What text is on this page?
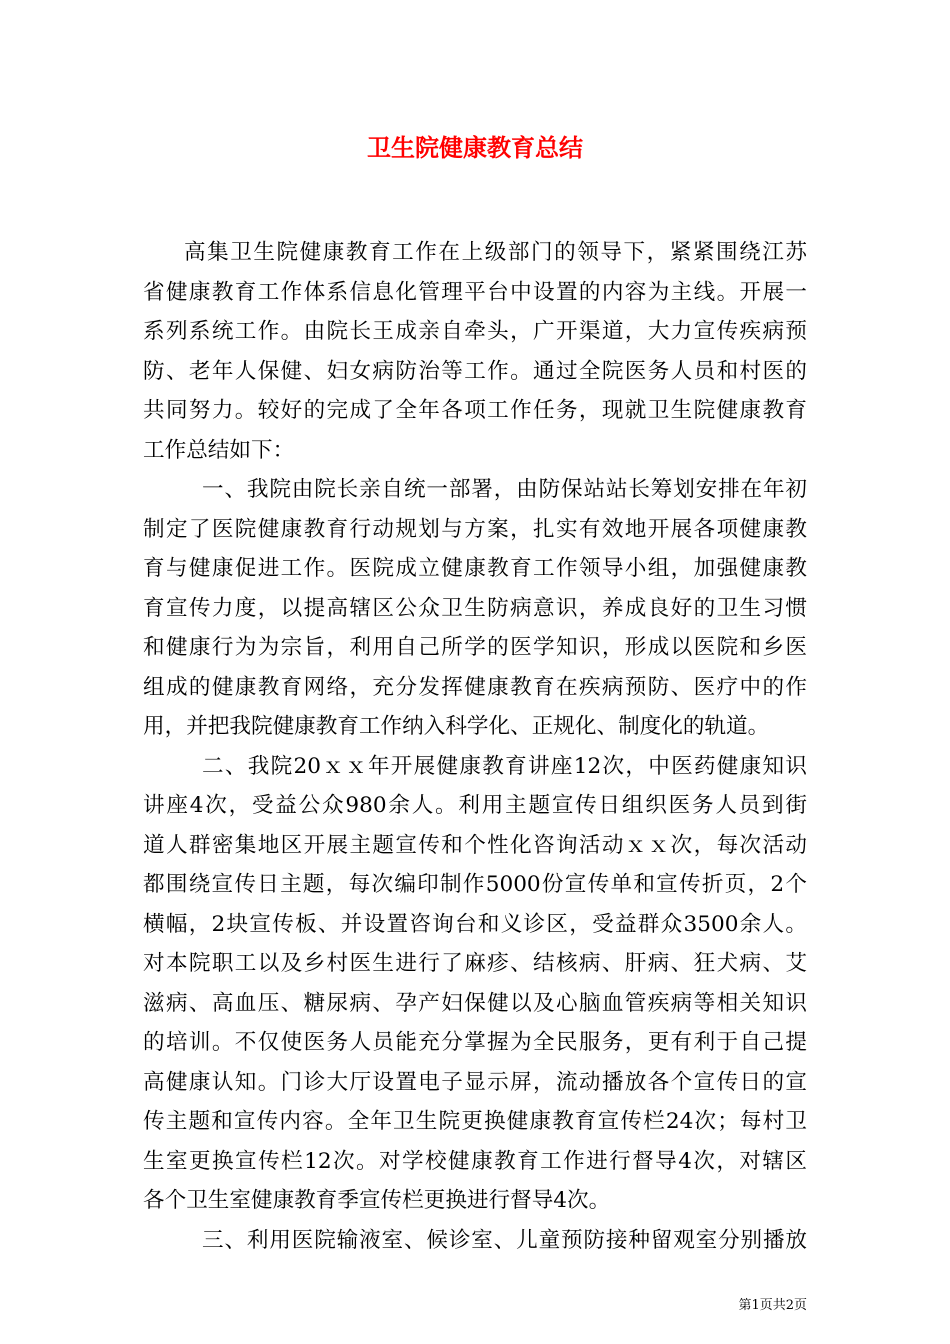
卫生院健康教育总结
高集卫生院健康教育工作在上级部门的领导下，紧紧围绕江苏
省健康教育工作体系信息化管理平台中设置的内容为主线。开展一
系列系统工作。由院长王成亲自牵头，广开渠道，大力宣传疾病预
防、老年人保健、妇女病防治等工作。通过全院医务人员和村医的
共同努力。较好的完成了全年各项工作任务，现就卫生院健康教育
工作总结如下：
一、我院由院长亲自统一部署，由防保站站长筹划安排在年初
制定了医院健康教育行动规划与方案，扎实有效地开展各项健康教
育与健康促进工作。医院成立健康教育工作领导小组，加强健康教
育宣传力度，以提高辖区公众卫生防病意识，养成良好的卫生习惯
和健康行为为宗旨，利用自己所学的医学知识，形成以医院和乡医
组成的健康教育网络，充分发挥健康教育在疾病预防、医疗中的作
用，并把我院健康教育工作纳入科学化、正规化、制度化的轨道。
二、我院20ｘｘ年开展健康教育讲座12次，中医药健康知识
讲座4次，受益公众980余人。利用主题宣传日组织医务人员到街
道人群密集地区开展主题宣传和个性化咨询活动ｘｘ次，每次活动
都围绕宣传日主题，每次编印制作5000份宣传单和宣传折页，2个
横幅，2块宣传板、并设置咨询台和义诊区，受益群众3500余人。
对本院职工以及乡村医生进行了麻疹、结核病、肝病、狂犬病、艾
滋病、高血压、糖尿病、孕产妇保健以及心脑血管疾病等相关知识
的培训。不仅使医务人员能充分掌握为全民服务，更有利于自己提
高健康认知。门诊大厅设置电子显示屏，流动播放各个宣传日的宣
传主题和宣传内容。全年卫生院更换健康教育宣传栏24次；每村卫
生室更换宣传栏12次。对学校健康教育工作进行督导4次，对辖区
各个卫生室健康教育季宣传栏更换进行督导4次。
三、利用医院输液室、候诊室、儿童预防接种留观室分别播放
第1页共2页
